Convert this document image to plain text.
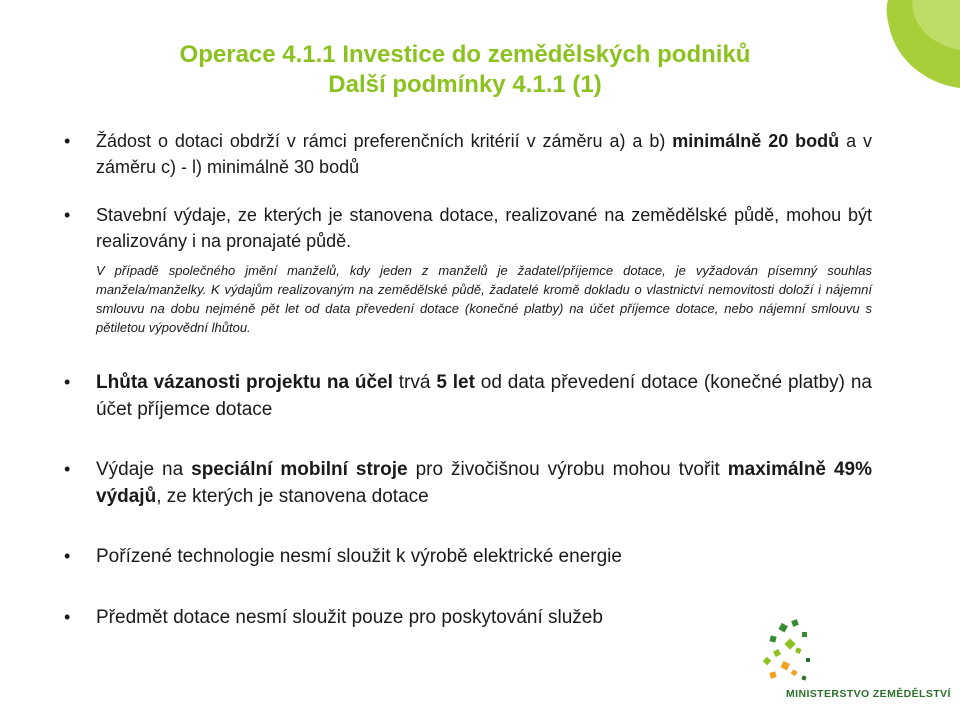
Operace 4.1.1 Investice do zemědělských podniků
Další podmínky 4.1.1 (1)
• Žádost o dotaci obdrží v rámci preferenčních kritérií v záměru a) a b) minimálně 20 bodů a v záměru c) - l) minimálně 30 bodů
• Stavební výdaje, ze kterých je stanovena dotace, realizované na zemědělské půdě, mohou být realizovány i na pronajaté půdě.
V případě společného jmění manželů, kdy jeden z manželů je žadatel/příjemce dotace, je vyžadován písemný souhlas manžela/manželky. K výdajům realizovaným na zemědělské půdě, žadatelé kromě dokladu o vlastnictví nemovitosti doloží i nájemní smlouvu na dobu nejméně pět let od data převedení dotace (konečné platby) na účet příjemce dotace, nebo nájemní smlouvu s pětiletou výpovědní lhůtou.
• Lhůta vázanosti projektu na účel trvá 5 let od data převedení dotace (konečné platby) na účet příjemce dotace
• Výdaje na speciální mobilní stroje pro živočišnou výrobu mohou tvořit maximálně 49% výdajů, ze kterých je stanovena dotace
• Pořízené technologie nesmí sloužit k výrobě elektrické energie
• Předmět dotace nesmí sloužit pouze pro poskytování služeb
MINISTERSTVO ZEMĚDĚLSTVÍ
